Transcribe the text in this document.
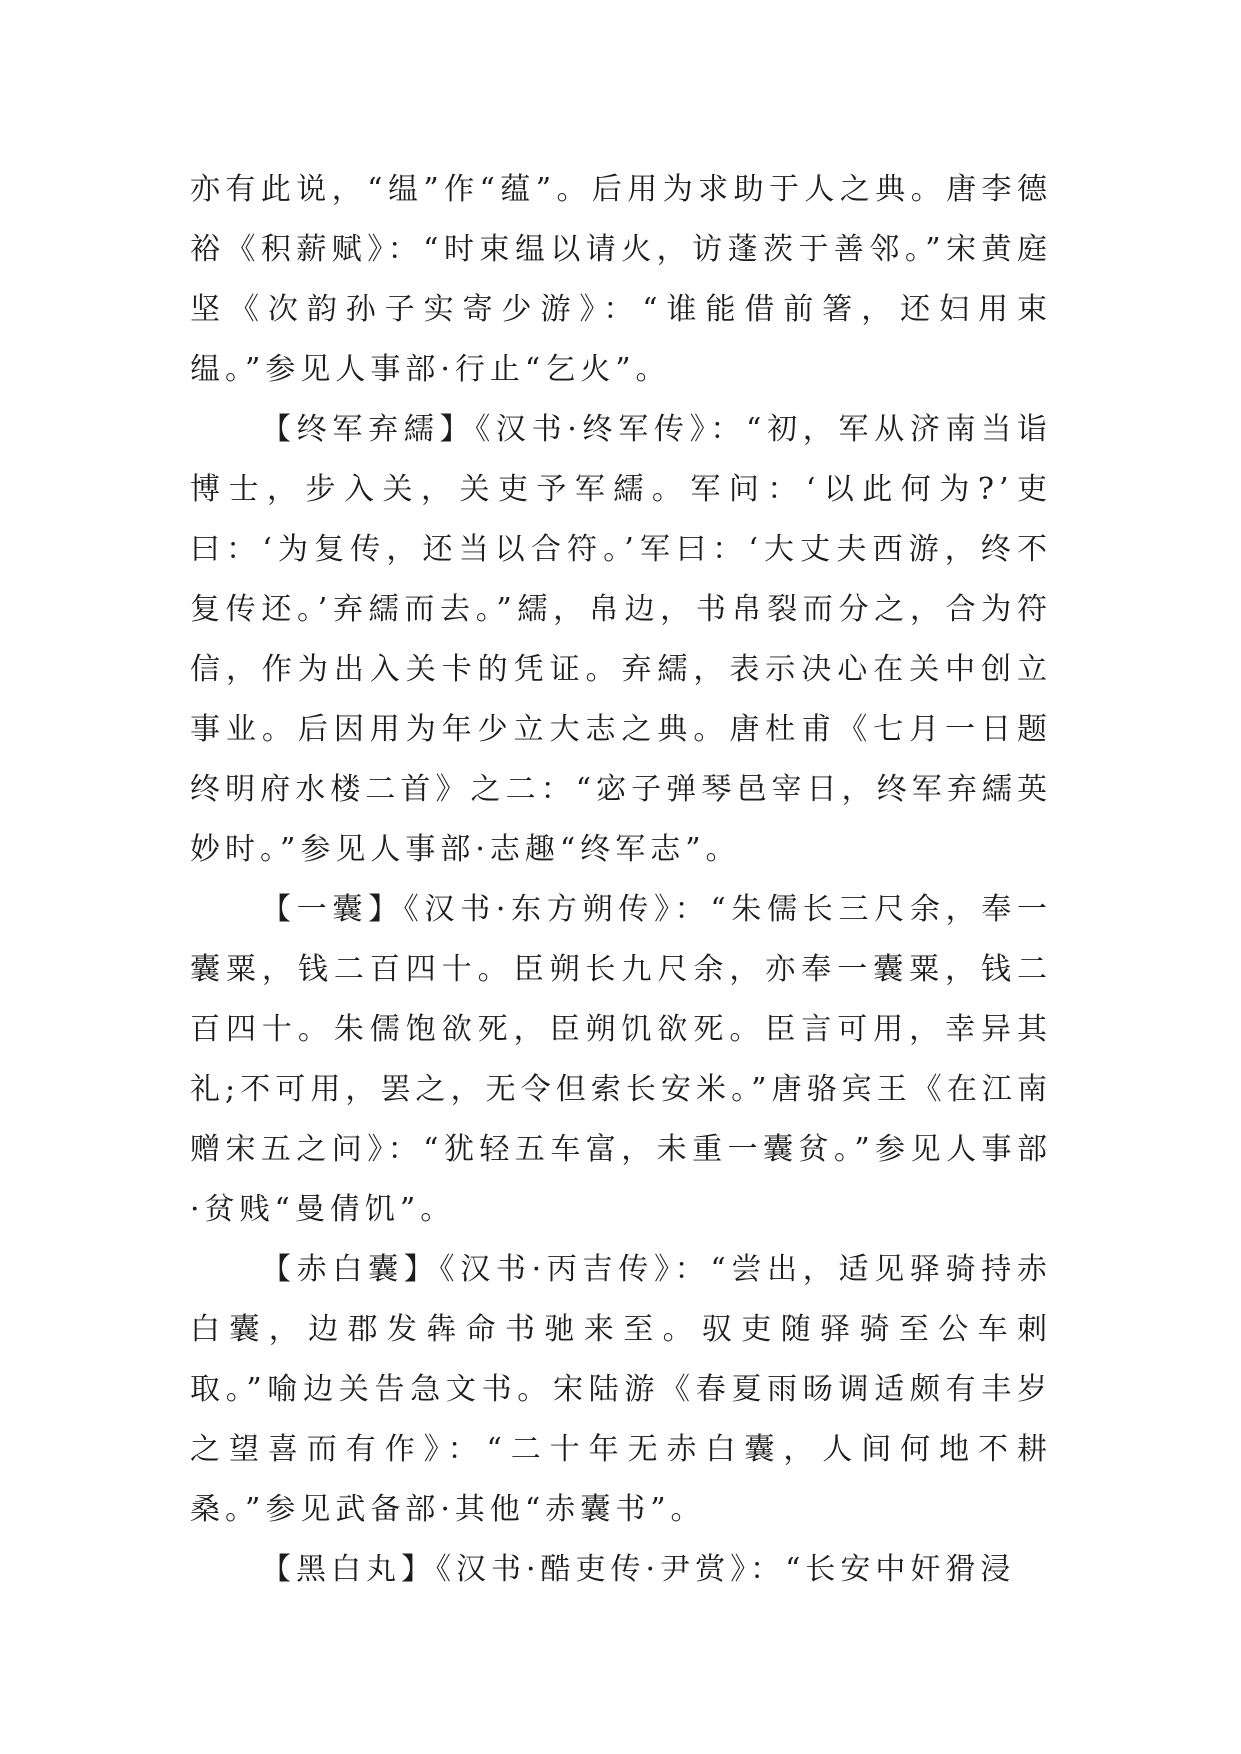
亦有此说，“缊”作“蕴”。后用为求助于人之典。唐李德裕《积薪赋》：“时束缊以请火，访蓬茨于善邻。”宋黄庭坚《次韵孙子实寄少游》：“谁能借前箸，还妇用束缊。”参见人事部·行止“乞火”。

【终军弃繻】《汉书·终军传》：“初，军从济南当诣博士，步入关，关吏予军繻。军问：‘以此何为?’吏曰：‘为复传，还当以合符。’军曰：‘大丈夫西游，终不复传还。’弃繻而去。”繻，帛边，书帛裂而分之，合为符信，作为出入关卡的凭证。弃繻，表示决心在关中创立事业。后因用为年少立大志之典。唐杜甫《七月一日题终明府水楼二首》之二：“宓子弹琴邑宰日，终军弃繻英妙时。”参见人事部·志趣“终军志”。

【一囊】《汉书·东方朔传》：“朱儒长三尺余，奉一囊粟，钱二百四十。臣朔长九尺余，亦奉一囊粟，钱二百四十。朱儒饱欲死，臣朔饥欲死。臣言可用，幸异其礼;不可用，罢之，无令但索长安米。”唐骆宾王《在江南赠宋五之问》：“犹轻五车富，未重一囊贫。”参见人事部·贫贱“曼倩饥”。

【赤白囊】《汉书·丙吉传》：“尝出，适见驿骑持赤白囊，边郡发犇命书驰来至。驭吏随驿骑至公车刺取。”喻边关告急文书。宋陆游《春夏雨旸调适颇有丰岁之望喜而有作》：“二十年无赤白囊，人间何地不耕桑。”参见武备部·其他“赤囊书”。

【黑白丸】《汉书·酷吏传·尹赏》：“长安中奸猾浸
